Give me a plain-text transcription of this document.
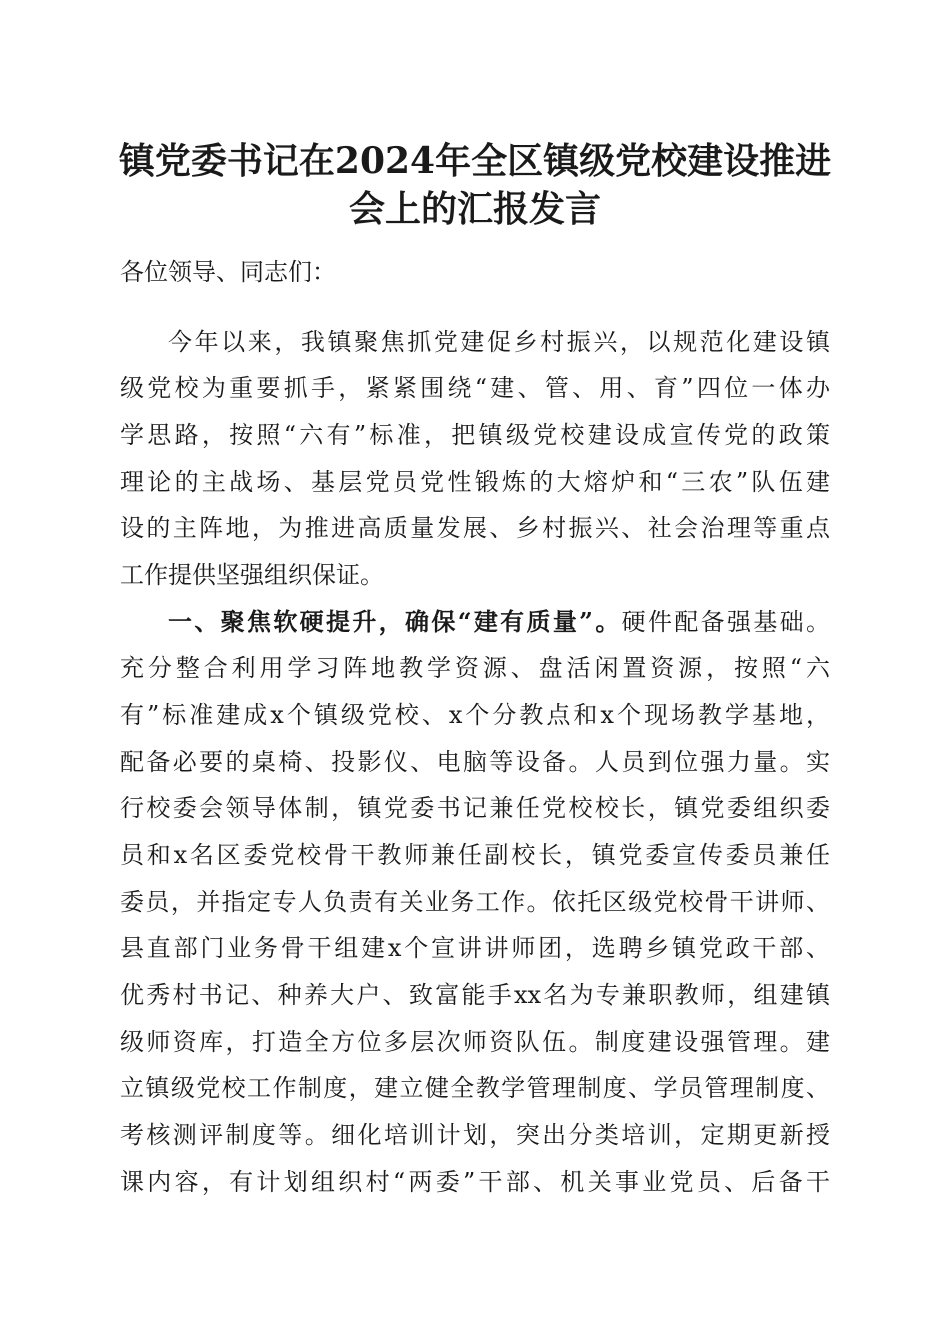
镇党委书记在2024年全区镇级党校建设推进
会上的汇报发言

各位领导、同志们：

今年以来，我镇聚焦抓党建促乡村振兴，以规范化建设镇

级党校为重要抓手，紧紧围绕“建、管、用、育”四位一体办

学思路，按照“六有”标准，把镇级党校建设成宣传党的政策

理论的主战场、基层党员党性锻炼的大熔炉和“三农”队伍建

设的主阵地，为推进高质量发展、乡村振兴、社会治理等重点

工作提供坚强组织保证。

一、聚焦软硬提升，确保“建有质量”。硬件配备强基础。

充分整合利用学习阵地教学资源、盘活闲置资源，按照“六

有”标准建成x个镇级党校、x个分教点和x个现场教学基地，

配备必要的桌椅、投影仪、电脑等设备。人员到位强力量。实

行校委会领导体制，镇党委书记兼任党校校长，镇党委组织委

员和x名区委党校骨干教师兼任副校长，镇党委宣传委员兼任

委员，并指定专人负责有关业务工作。依托区级党校骨干讲师、

县直部门业务骨干组建x个宣讲讲师团，选聘乡镇党政干部、

优秀村书记、种养大户、致富能手xx名为专兼职教师，组建镇

级师资库，打造全方位多层次师资队伍。制度建设强管理。建

立镇级党校工作制度，建立健全教学管理制度、学员管理制度、

考核测评制度等。细化培训计划，突出分类培训，定期更新授

课内容，有计划组织村“两委”干部、机关事业党员、后备干
